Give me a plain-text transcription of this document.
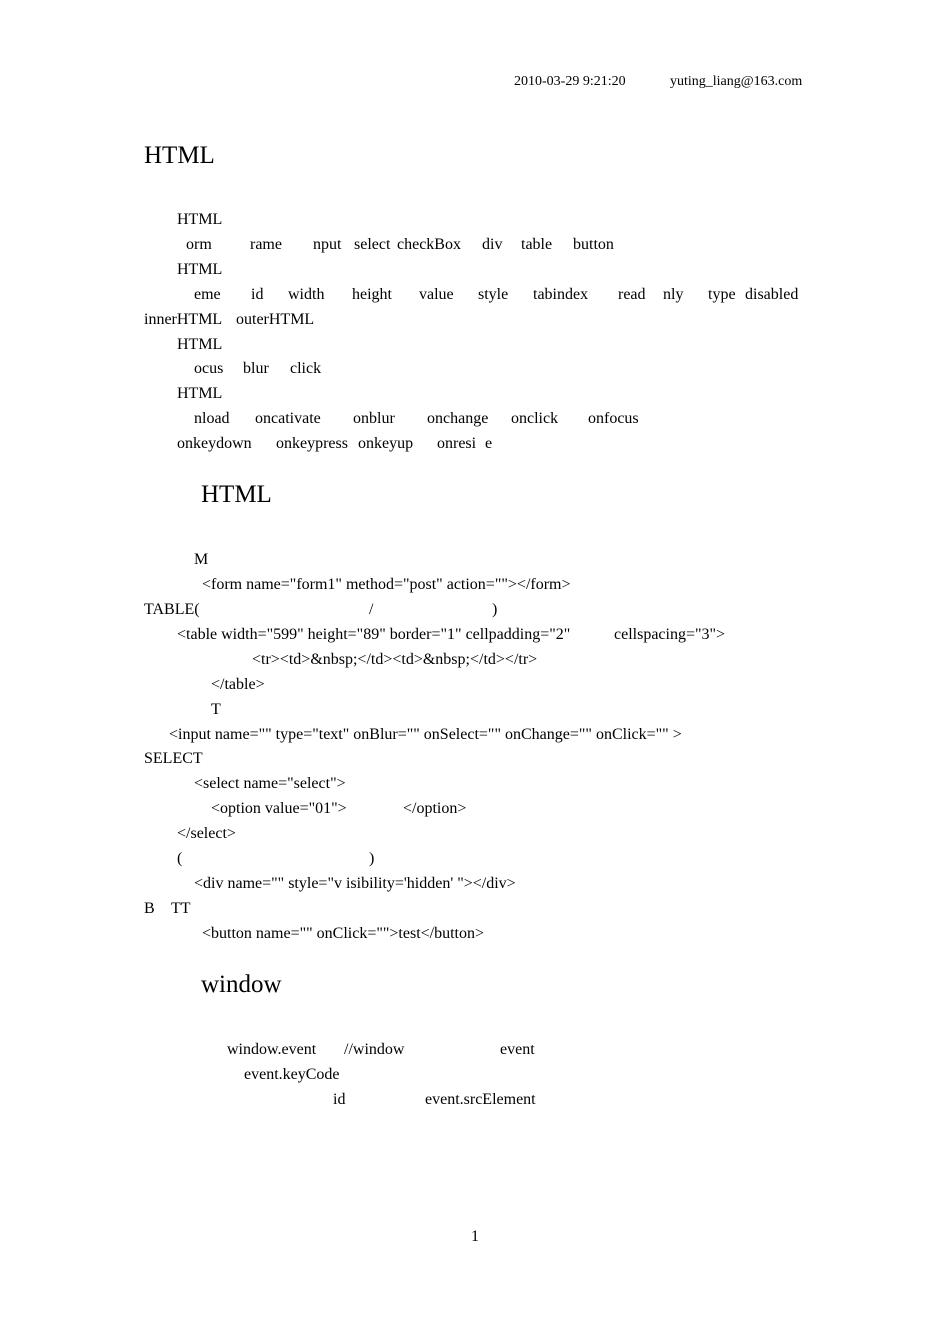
2010-03-29 9:21:20	yuting_liang@163.com
HTML
HTML
orm rame nput select checkBox div table button
HTML
eme id width height value style tabindex read nly type disabled
innerHTML outerHTML
HTML
ocus blur click
HTML
nload oncativate onblur onchange onclick onfocus
onkeydown onkeypress onkeyup onresi e
HTML
M
<form name="form1" method="post" action=""></form>
TABLE(	/	)
<table width="599" height="89" border="1" cellpadding="2"	cellspacing="3">
<tr><td>&nbsp;</td><td>&nbsp;</td></tr>
</table>
T
<input name="" type="text" onBlur="" onSelect="" onChange="" onClick="" >
SELECT
<select name="select">
<option value="01">	</option>
</select>
(	)
<div name="" style="v isibility='hidden' "></div>
B TT
<button name="" onClick="">test</button>
window
window.event //window	event
event.keyCode
id	event.srcElement
1
